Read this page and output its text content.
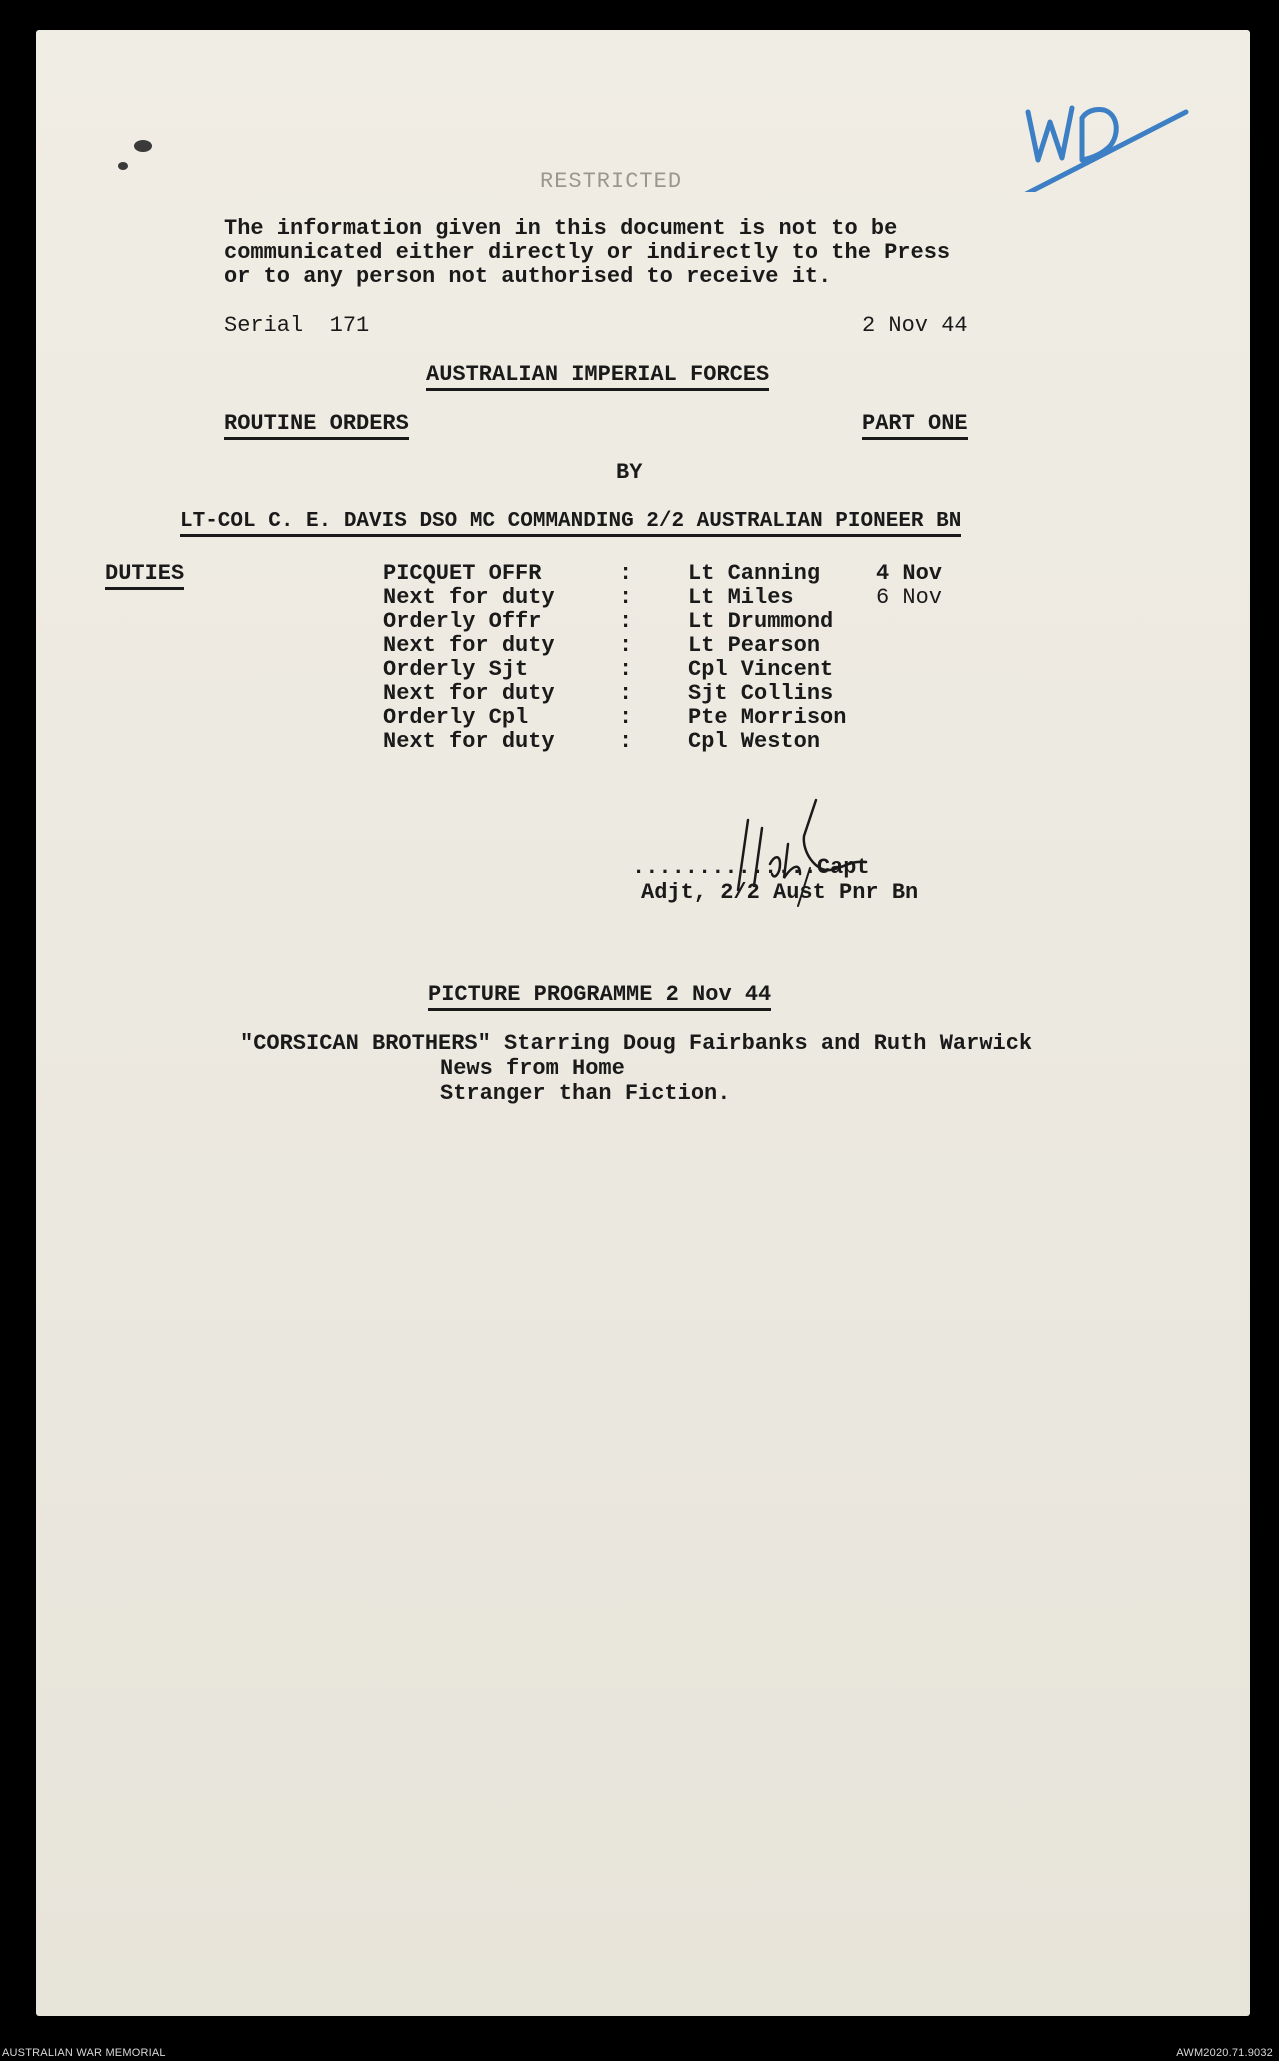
RESTRICTED
The information given in this document is not to be
communicated either directly or indirectly to the Press
or to any person not authorised to receive it.
Serial  171	2 Nov 44
AUSTRALIAN IMPERIAL FORCES
ROUTINE ORDERS	PART ONE
BY
LT-COL C. E. DAVIS DSO MC COMMANDING 2/2 AUSTRALIAN PIONEER BN
DUTIES	PICQUET OFFR	:	Lt Canning	4 Nov
Next for duty	:	Lt Miles	6 Nov
Orderly Offr	:	Lt Drummond
Next for duty	:	Lt Pearson
Orderly Sjt	:	Cpl Vincent
Next for duty	:	Sjt Collins
Orderly Cpl	:	Pte Morrison
Next for duty	:	Cpl Weston
..............Capt
Adjt, 2/2 Aust Pnr Bn
PICTURE PROGRAMME 2 Nov 44
"CORSICAN BROTHERS" Starring Doug Fairbanks and Ruth Warwick
News from Home
Stranger than Fiction.
AUSTRALIAN WAR MEMORIAL	AWM2020.71.9032
